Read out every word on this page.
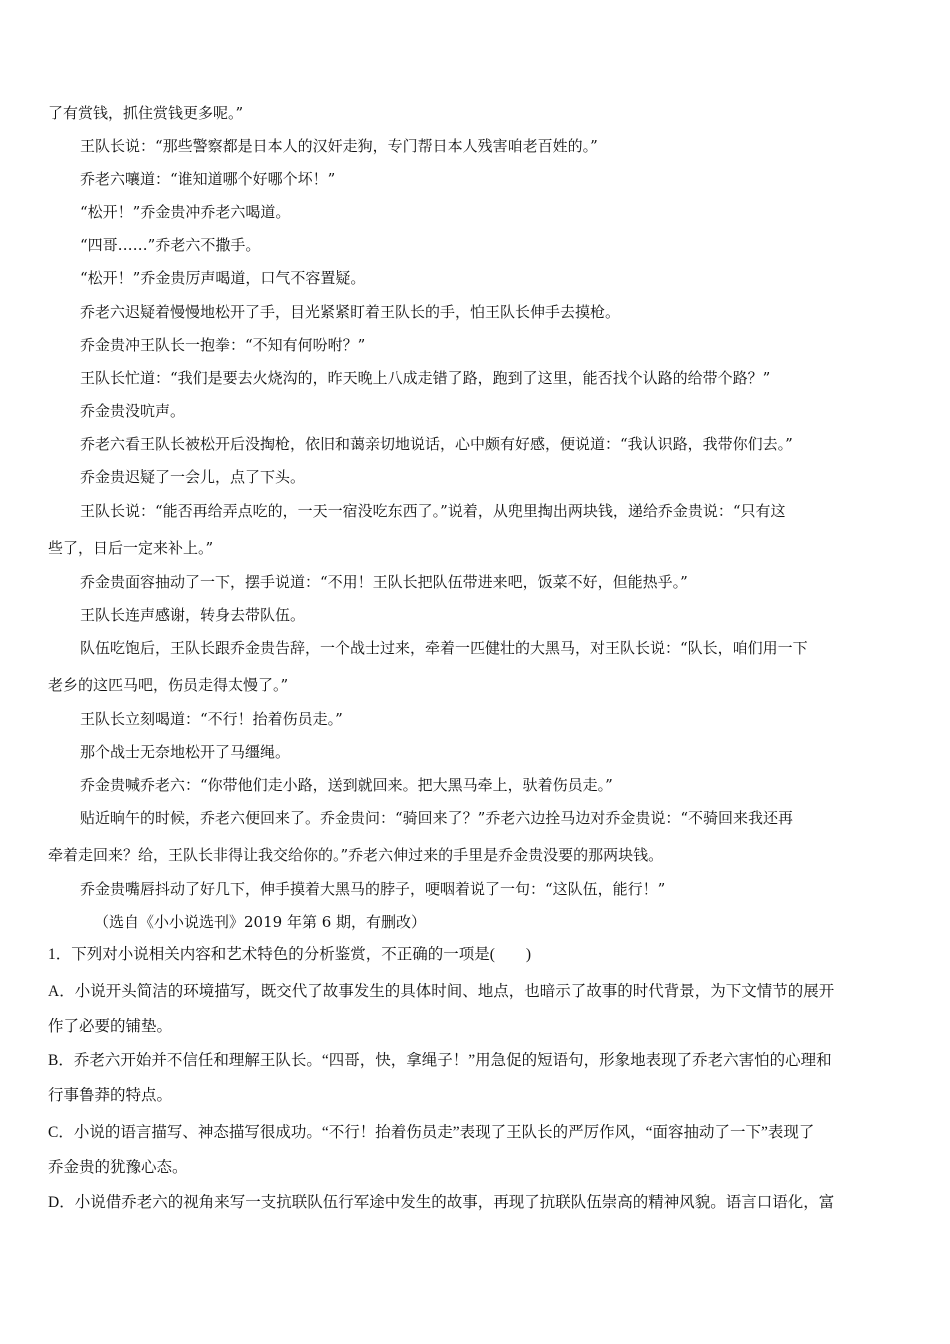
了有赏钱，抓住赏钱更多呢。”
王队长说：“那些警察都是日本人的汉奸走狗，专门帮日本人残害咱老百姓的。”
乔老六嚷道：“谁知道哪个好哪个坏！”
“松开！”乔金贵冲乔老六喝道。
“四哥……”乔老六不撒手。
“松开！”乔金贵厉声喝道，口气不容置疑。
乔老六迟疑着慢慢地松开了手，目光紧紧盯着王队长的手，怕王队长伸手去摸枪。
乔金贵冲王队长一抱拳：“不知有何吩咐？”
王队长忙道：“我们是要去火烧沟的，昨天晚上八成走错了路，跑到了这里，能否找个认路的给带个路？”
乔金贵没吭声。
乔老六看王队长被松开后没掏枪，依旧和蔼亲切地说话，心中颇有好感，便说道：“我认识路，我带你们去。”
乔金贵迟疑了一会儿，点了下头。
王队长说：“能否再给弄点吃的，一天一宿没吃东西了。”说着，从兜里掏出两块钱，递给乔金贵说：“只有这
些了，日后一定来补上。”
乔金贵面容抽动了一下，摆手说道：“不用！王队长把队伍带进来吧，饭菜不好，但能热乎。”
王队长连声感谢，转身去带队伍。
队伍吃饱后，王队长跟乔金贵告辞，一个战士过来，牵着一匹健壮的大黑马，对王队长说：“队长，咱们用一下
老乡的这匹马吧，伤员走得太慢了。”
王队长立刻喝道：“不行！抬着伤员走。”
那个战士无奈地松开了马缰绳。
乔金贵喊乔老六：“你带他们走小路，送到就回来。把大黑马牵上，驮着伤员走。”
贴近晌午的时候，乔老六便回来了。乔金贵问：“骑回来了？”乔老六边拴马边对乔金贵说：“不骑回来我还再
牵着走回来？给，王队长非得让我交给你的。”乔老六伸过来的手里是乔金贵没要的那两块钱。
乔金贵嘴唇抖动了好几下，伸手摸着大黑马的脖子，哽咽着说了一句：“这队伍，能行！”
（选自《小小说选刊》2019 年第 6 期，有删改）
1．下列对小说相关内容和艺术特色的分析鉴赏，不正确的一项是(　　)
A．小说开头简洁的环境描写，既交代了故事发生的具体时间、地点，也暗示了故事的时代背景，为下文情节的展开
作了必要的铺垫。
B．乔老六开始并不信任和理解王队长。“四哥，快，拿绳子！”用急促的短语句，形象地表现了乔老六害怕的心理和
行事鲁莽的特点。
C．小说的语言描写、神态描写很成功。“不行！抬着伤员走”表现了王队长的严厉作风，“面容抽动了一下”表现了
乔金贵的犹豫心态。
D．小说借乔老六的视角来写一支抗联队伍行军途中发生的故事，再现了抗联队伍崇高的精神风貌。语言口语化，富
